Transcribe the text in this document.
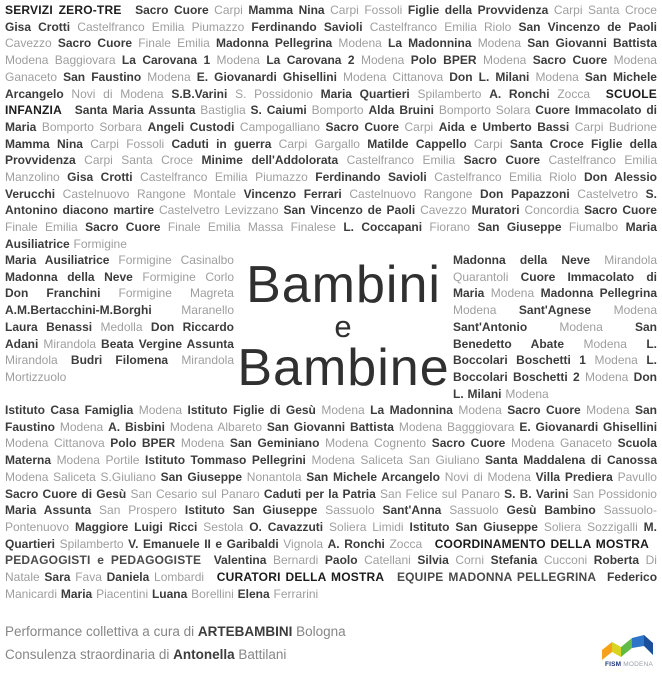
SERVIZI ZERO-TRE Sacro Cuore Carpi Mamma Nina Carpi Fossoli Figlie della Provvidenza Carpi Santa Croce Gisa Crotti Castelfranco Emilia Piumazzo Ferdinando Savioli Castelfranco Emilia Riolo San Vincenzo de Paoli Cavezzo Sacro Cuore Finale Emilia Madonna Pellegrina Modena La Madonnina Modena San Giovanni Battista Modena Baggiovara La Carovana 1 Modena La Carovana 2 Modena Polo BPER Modena Sacro Cuore Modena Ganaceto San Faustino Modena E. Giovanardi Ghisellini Modena Cittanova Don L. Milani Modena San Michele Arcangelo Novi di Modena S.B.Varini S. Possidonio Maria Quartieri Spilamberto A. Ronchi Zocca SCUOLE INFANZIA Santa Maria Assunta Bastiglia S. Caiumi Bomporto Alda Bruini Bomporto Solara Cuore Immacolato di Maria Bomporto Sorbara Angeli Custodi Campogalliano Sacro Cuore Carpi Aida e Umberto Bassi Carpi Budrione Mamma Nina Carpi Fossoli Caduti in guerra Carpi Gargallo Matilde Cappello Carpi Santa Croce Figlie della Provvidenza Carpi Santa Croce Minime dell'Addolorata Castelfranco Emilia Sacro Cuore Castelfranco Emilia Manzolino Gisa Crotti Castelfranco Emilia Piumazzo Ferdinando Savioli Castelfranco Emilia Riolo Don Alessio Verucchi Castelnuovo Rangone Montale Vincenzo Ferrari Castelnuovo Rangone Don Papazzoni Castelvetro S. Antonino diacono martire Castelvetro Levizzano San Vincenzo de Paoli Cavezzo Muratori Concordia Sacro Cuore Finale Emilia Sacro Cuore Finale Emilia Massa Finalese L. Coccapani Fiorano San Giuseppe Fiumalbo Maria Ausiliatrice Formigine
Maria Ausiliatrice Formigine Casinalbo Madonna della Neve Formigine Corlo Don Franchini Formigine Magreta A.M.Bertacchini-M.Borghi Maranello Laura Benassi Medolla Don Riccardo Adani Mirandola Beata Vergine Assunta Mirandola Budri Filomena Mirandola Mortizzuolo
Bambini
e
Bambine
Madonna della Neve Mirandola Quarantoli Cuore Immacolato di Maria Modena Madonna Pellegrina Modena Sant'Agnese Modena Sant'Antonio	Modena	San Benedetto Abate Modena L. Boccolari Boschetti 1 Modena L. Boccolari Boschetti 2 Modena Don L. Milani Modena
Istituto Casa Famiglia Modena Istituto Figlie di Gesù Modena La Madonnina Modena Sacro Cuore Modena San Faustino Modena A. Bisbini Modena Albareto San Giovanni Battista Modena Bagggiovara E. Giovanardi Ghisellini Modena Cittanova Polo BPER Modena San Geminiano Modena Cognento Sacro Cuore Modena Ganaceto Scuola Materna Modena Portile Istituto Tommaso Pellegrini Modena Saliceta San Giuliano Santa Maddalena di Canossa Modena Saliceta S.Giuliano San Giuseppe Nonantola San Michele Arcangelo Novi di Modena Villa Prediera Pavullo Sacro Cuore di Gesù San Cesario sul Panaro Caduti per la Patria San Felice sul Panaro S. B. Varini San Possidonio Maria Assunta San Prospero Istituto San Giuseppe Sassuolo Sant'Anna Sassuolo Gesù Bambino Sassuolo-Pontenuovo Maggiore Luigi Ricci Sestola O. Cavazzuti Soliera Limidi Istituto San Giuseppe Soliera Sozzigalli M. Quartieri Spilamberto V. Emanuele II e Garibaldi Vignola A. Ronchi Zocca COORDINAMENTO DELLA MOSTRA PEDAGOGISTI e PEDAGOGISTE Valentina Bernardi Paolo Catellani Silvia Corni Stefania Cucconi Roberta Di Natale Sara Fava Daniela Lombardi CURATORI DELLA MOSTRA EQUIPE MADONNA PELLEGRINA Federico Manicardi Maria Piacentini Luana Borellini Elena Ferrarini
Performance collettiva a cura di ARTEBAMBINI Bologna
Consulenza straordinaria di Antonella Battilani
FISM MODENA
